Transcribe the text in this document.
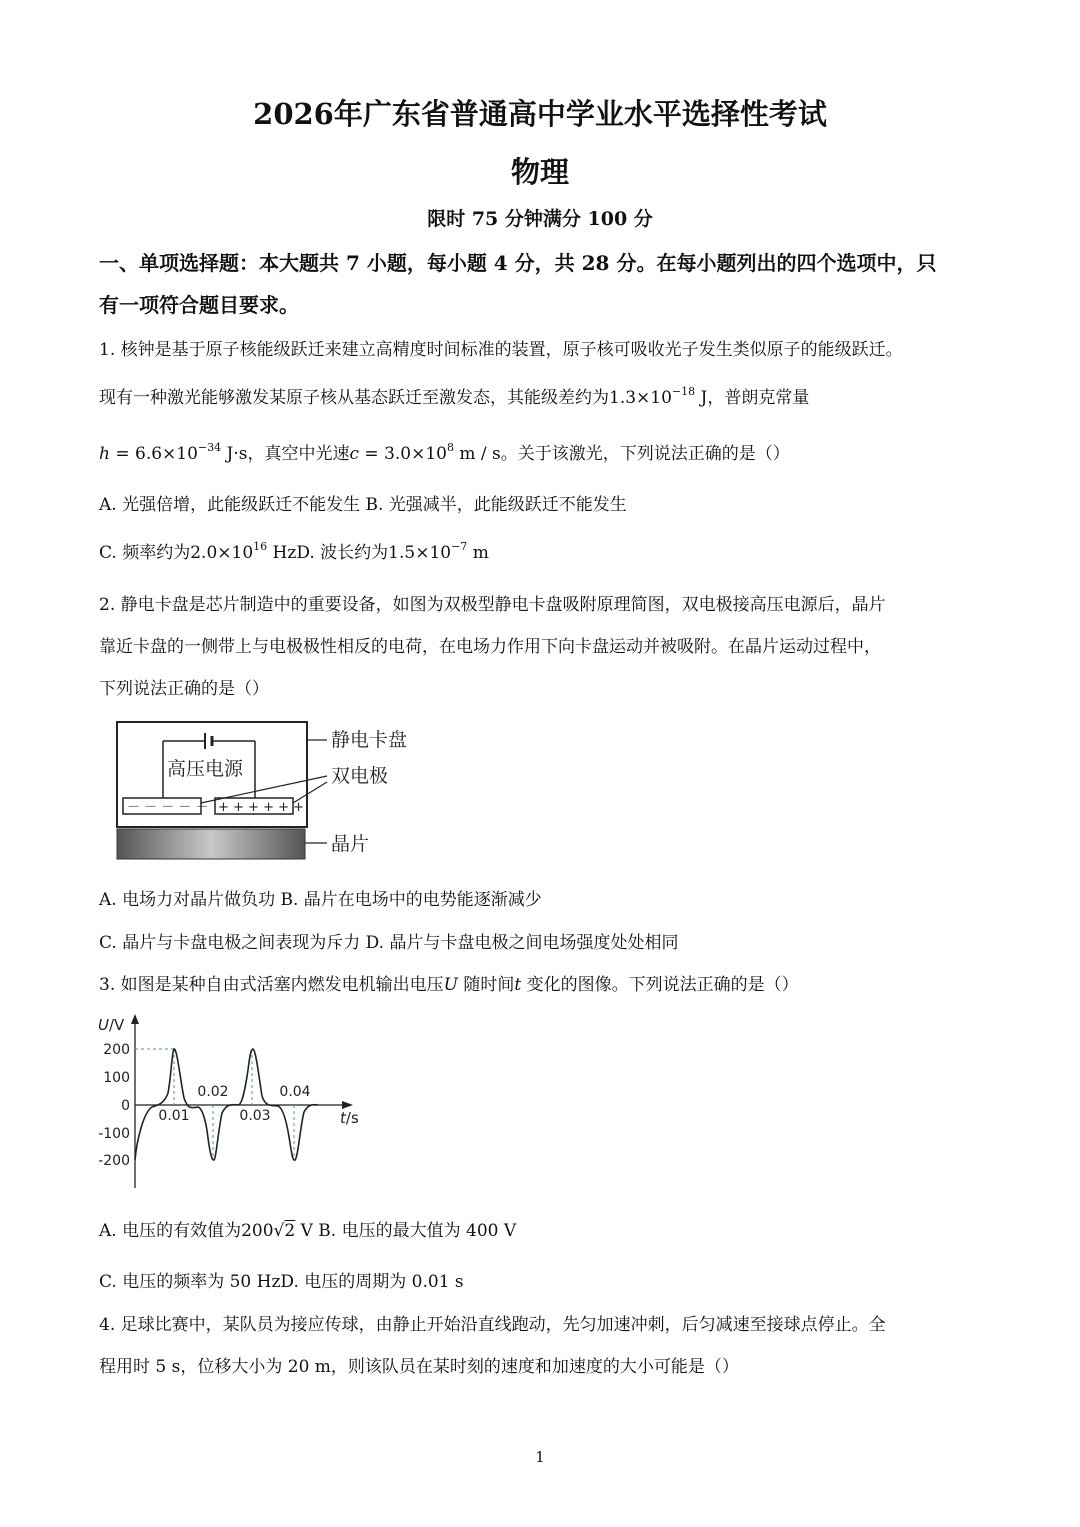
2026年广东省普通高中学业水平选择性考试
物理
限时 75 分钟满分 100 分
一、单项选择题：本大题共 7 小题，每小题 4 分，共 28 分。在每小题列出的四个选项中，只
有一项符合题目要求。
1. 核钟是基于原子核能级跃迁来建立高精度时间标准的装置，原子核可吸收光子发生类似原子的能级跃迁。
现有一种激光能够激发某原子核从基态跃迁至激发态，其能级差约为$1.3\times 10^{-18}$ J，普朗克常量
$h = 6.6\times 10^{-34}$ J·s，真空中光速$c = 3.0\times 10^8$ m / s。关于该激光，下列说法正确的是（）
A. 光强倍增，此能级跃迁不能发生 B. 光强减半，此能级跃迁不能发生
C. 频率约为$2.0\times 10^{16}$ HzD. 波长约为$1.5\times 10^{-7}$ m
2. 静电卡盘是芯片制造中的重要设备，如图为双极型静电卡盘吸附原理简图，双电极接高压电源后，晶片
靠近卡盘的一侧带上与电极极性相反的电荷，在电场力作用下向卡盘运动并被吸附。在晶片运动过程中，
下列说法正确的是（）
高压电源
－ － － － － + + + + + +
静电卡盘
双电极
晶片
A. 电场力对晶片做负功 B. 晶片在电场中的电势能逐渐减少
C. 晶片与卡盘电极之间表现为斥力 D. 晶片与卡盘电极之间电场强度处处相同
3. 如图是某种自由式活塞内燃发电机输出电压U 随时间t 变化的图像。下列说法正确的是（）
U/V
t/s
200
100
0
-100
-200
0.01
0.02
0.03
0.04
A. 电压的有效值为200√2 V B. 电压的最大值为 400 V
C. 电压的频率为 50 HzD. 电压的周期为 0.01 s
4. 足球比赛中，某队员为接应传球，由静止开始沿直线跑动，先匀加速冲刺，后匀减速至接球点停止。全
程用时 5 s，位移大小为 20 m，则该队员在某时刻的速度和加速度的大小可能是（）
1
